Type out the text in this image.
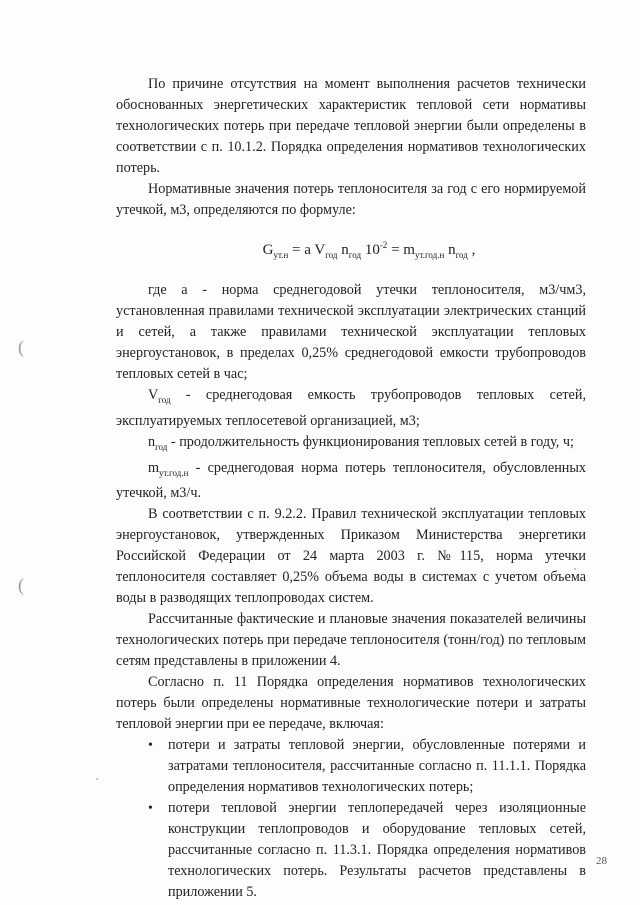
(
(

По причине отсутствия на момент выполнения расчетов технически обоснованных энергетических характеристик тепловой сети нормативы технологических потерь при передаче тепловой энергии были определены в соответствии с п. 10.1.2. Порядка определения нормативов технологических потерь.

Нормативные значения потерь теплоносителя за год с его нормируемой утечкой, м3, определяются по формуле:

$G_{ут.н} = a$ $V_{год}$ $n_{год}$ $10^{-2} = m_{ут.год.н}$ $n_{год}$ ,

где а - норма среднегодовой утечки теплоносителя, м3/чм3, установленная правилами технической эксплуатации электрических станций и сетей, а также правилами технической эксплуатации тепловых энергоустановок, в пределах 0,25% среднегодовой емкости трубопроводов тепловых сетей в час;

$V_{год}$ - среднегодовая емкость трубопроводов тепловых сетей, эксплуатируемых теплосетевой организацией, м3;

$n_{год}$ - продолжительность функционирования тепловых сетей в году, ч;

$m_{ут.год.н}$ - среднегодовая норма потерь теплоносителя, обусловленных утечкой, м3/ч.

В соответствии с п. 9.2.2. Правил технической эксплуатации тепловых энергоустановок, утвержденных Приказом Министерства энергетики Российской Федерации от 24 марта 2003 г. №115, норма утечки теплоносителя составляет 0,25% объема воды в системах с учетом объема воды в разводящих теплопроводах систем.

Рассчитанные фактические и плановые значения показателей величины технологических потерь при передаче теплоносителя (тонн/год) по тепловым сетям представлены в приложении 4.

Согласно п. 11 Порядка определения нормативов технологических потерь были определены нормативные технологические потери и затраты тепловой энергии при ее передаче, включая:

• потери и затраты тепловой энергии, обусловленные потерями и затратами теплоносителя, рассчитанные согласно п. 11.1.1. Порядка определения нормативов технологических потерь;
• потери тепловой энергии теплопередачей через изоляционные конструкции теплопроводов и оборудование тепловых сетей, рассчитанные согласно п. 11.3.1. Порядка определения нормативов технологических потерь. Результаты расчетов представлены в приложении 5.
28
